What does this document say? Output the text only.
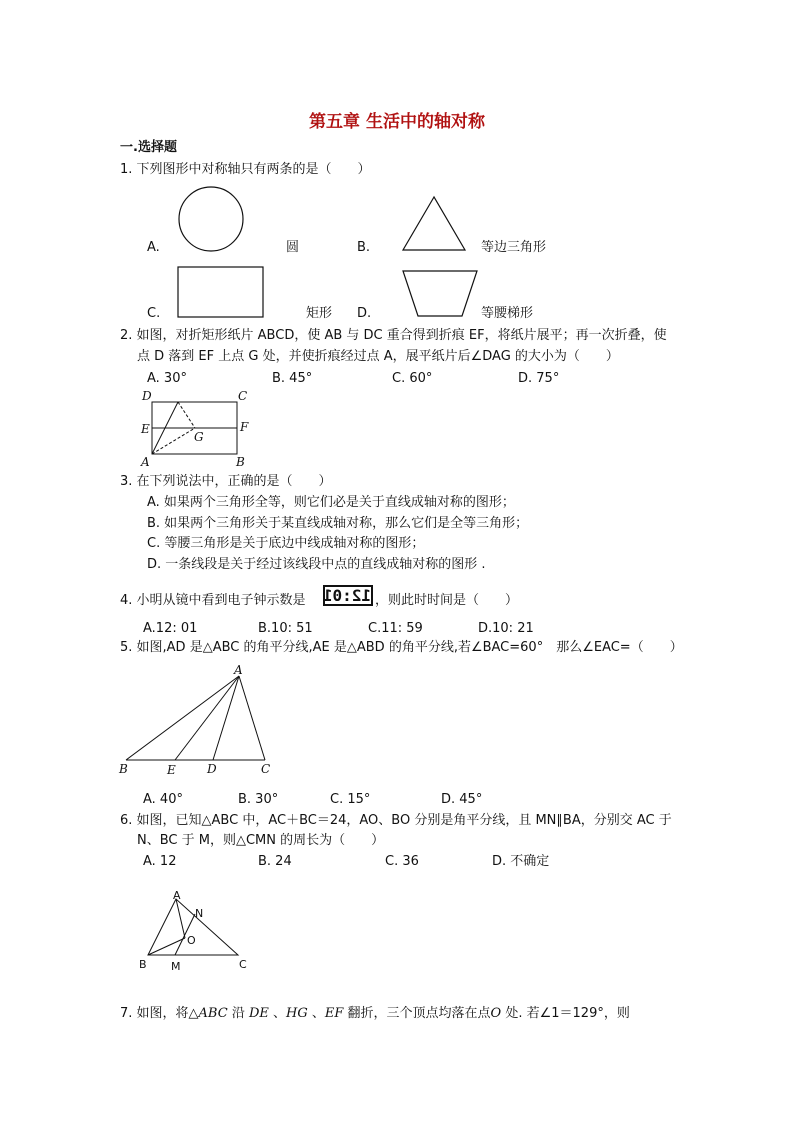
第五章 生活中的轴对称
一.选择题
1. 下列图形中对称轴只有两条的是（　　）
A.	圆	B.	等边三角形
C.	矩形 D.	等腰梯形
2. 如图，对折矩形纸片 ABCD，使 AB 与 DC 重合得到折痕 EF，将纸片展平；再一次折叠，使
点 D 落到 EF 上点 G 处，并使折痕经过点 A，展平纸片后∠DAG 的大小为（　　）
A. 30°	B. 45°	C. 60°	D. 75°
D	C
E	F
G
A	B
3. 在下列说法中，正确的是（　　）
A. 如果两个三角形全等，则它们必是关于直线成轴对称的图形；
B. 如果两个三角形关于某直线成轴对称，那么它们是全等三角形；
C. 等腰三角形是关于底边中线成轴对称的图形；
D. 一条线段是关于经过该线段中点的直线成轴对称的图形 .
4. 小明从镜中看到电子钟示数是 12:01 ，则此时时间是（　　）
A.12: 01	B.10: 51	C.11: 59	D.10: 21
5. 如图,AD 是△ABC 的角平分线,AE 是△ABD 的角平分线,若∠BAC=60°　那么∠EAC=（　　）
A
B	E	D	C
A. 40°	B. 30°	C. 15°	D. 45°
6. 如图，已知△ABC 中，AC＋BC＝24，AO、BO 分别是角平分线，且 MN∥BA，分别交 AC 于
N、BC 于 M，则△CMN 的周长为（　　）
A. 12	B. 24	C. 36	D. 不确定
A
N
O
B M	C
7. 如图，将△ABC 沿 DE 、HG 、EF 翻折，三个顶点均落在点O 处. 若∠1＝129°，则
